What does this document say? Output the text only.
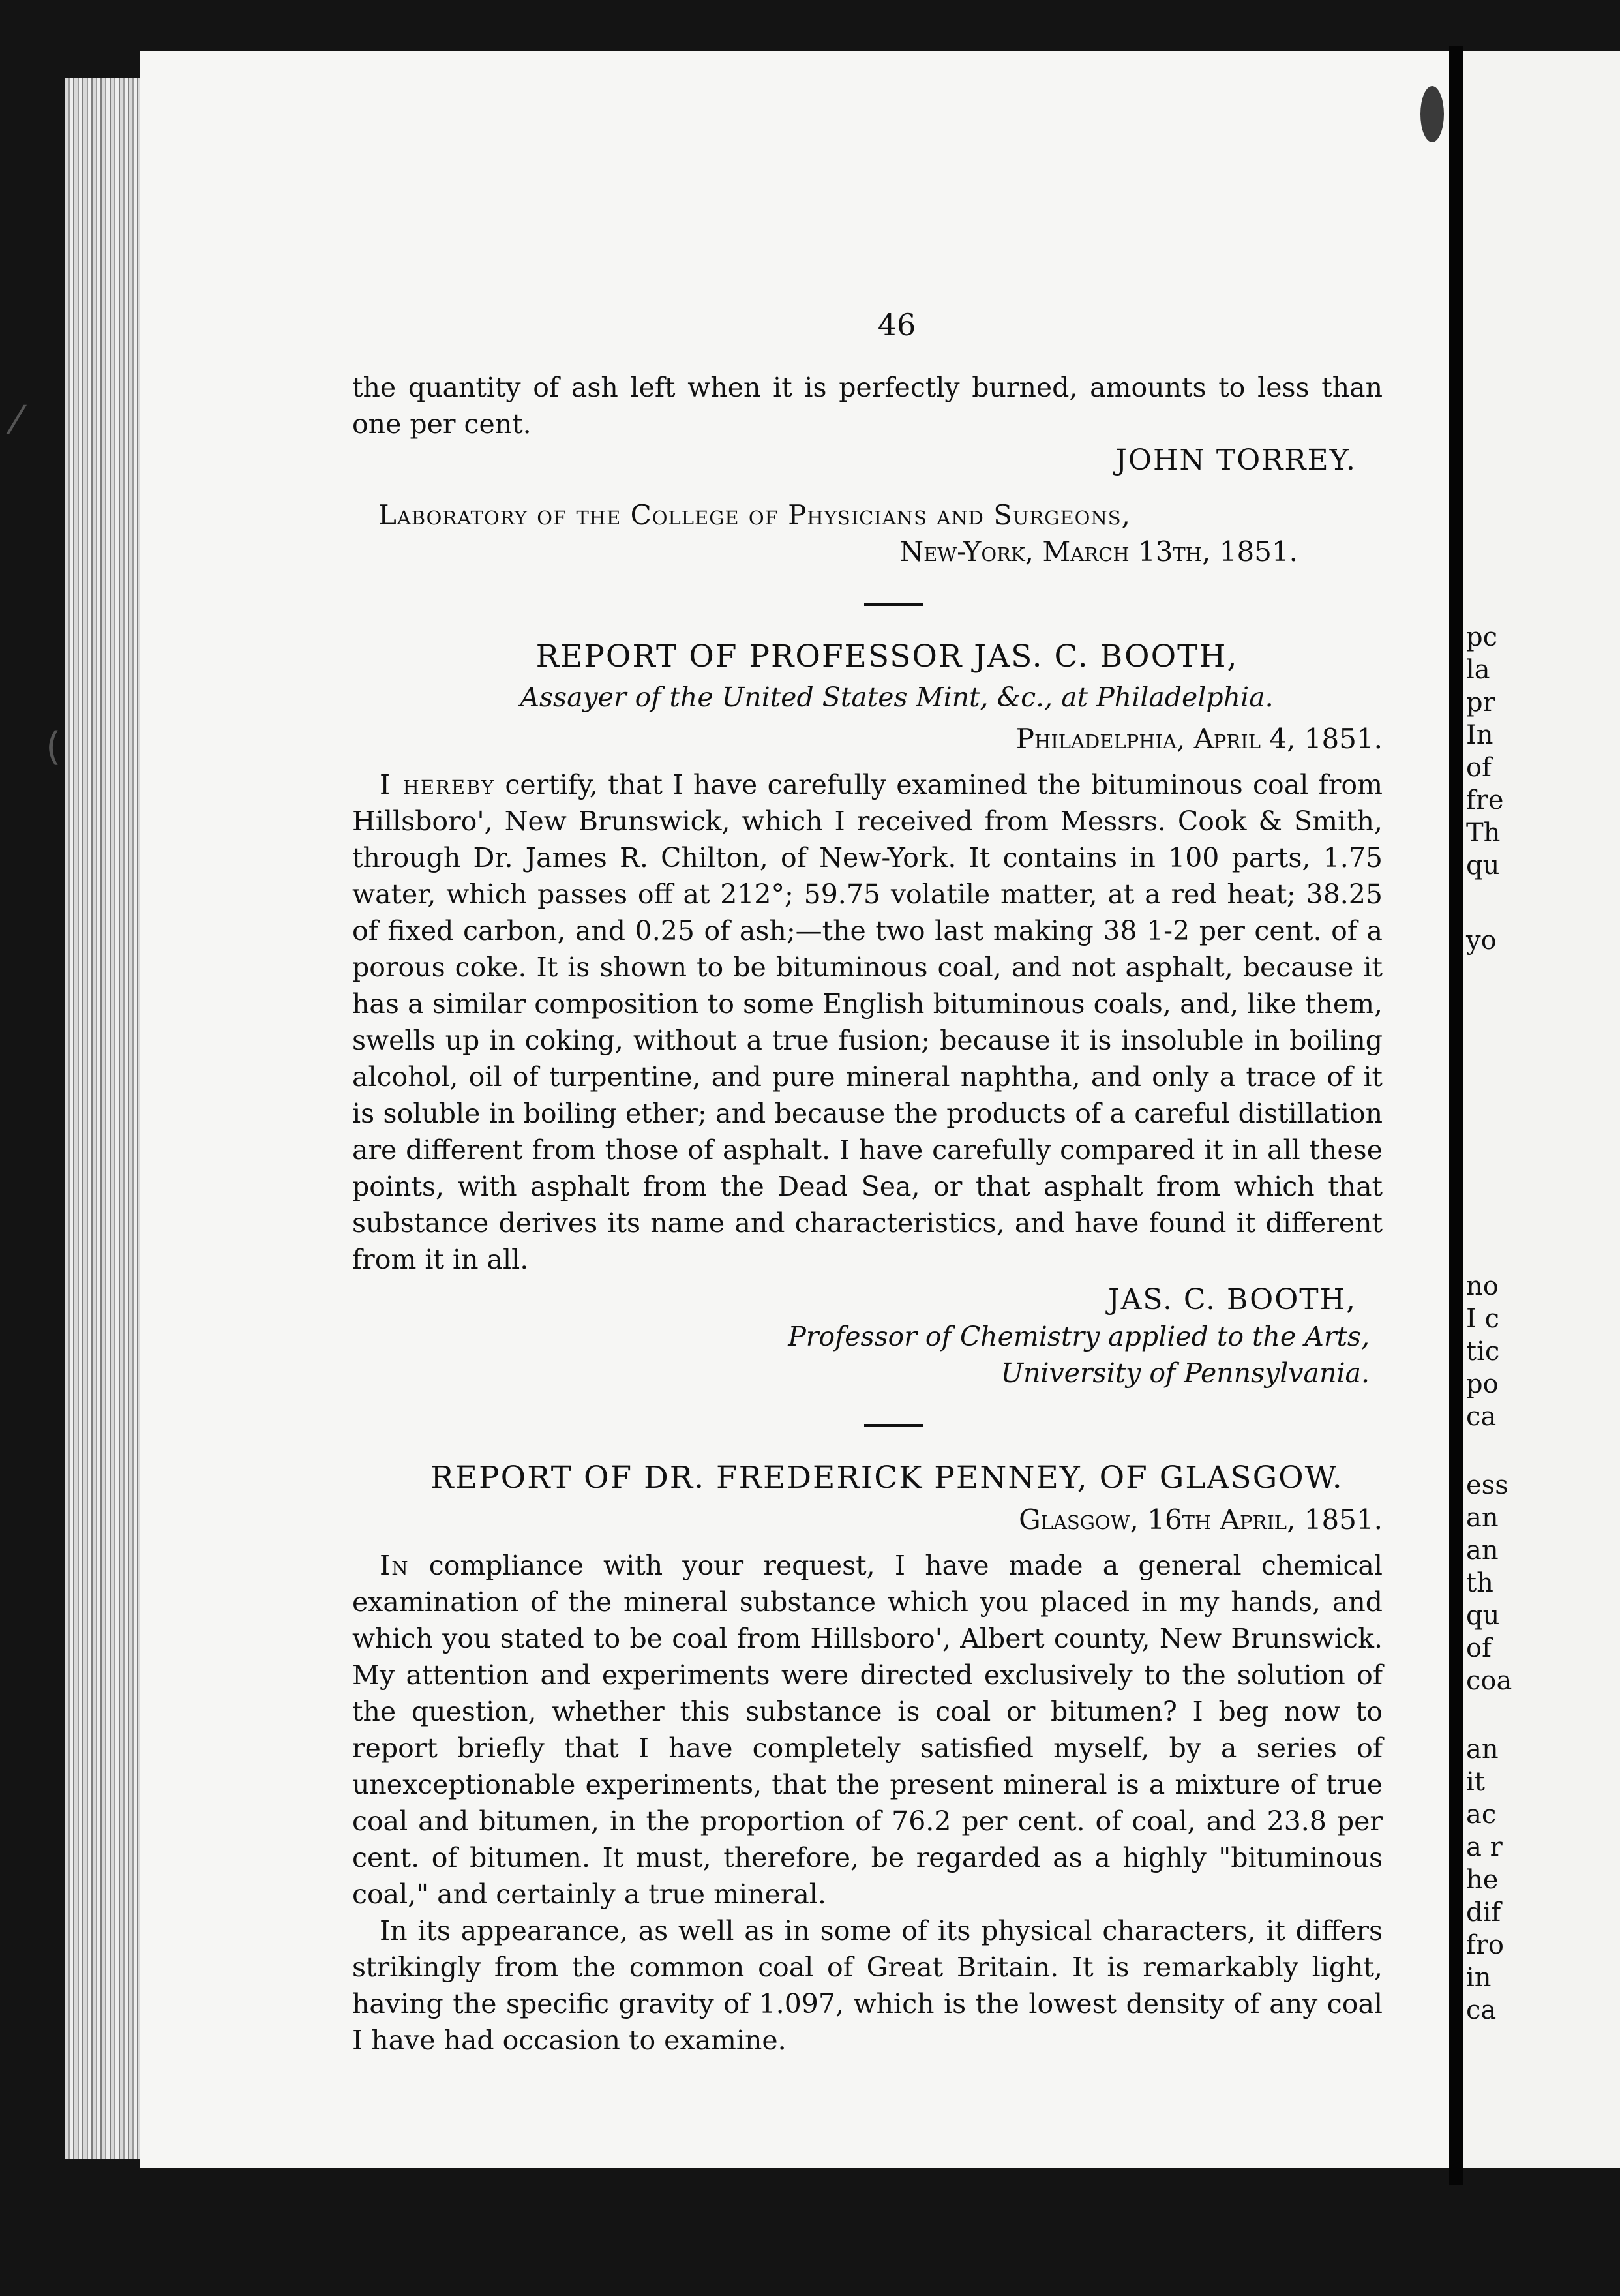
⁄
(
pc
la
pr
In
of
fre
Th
qu
yo
no
I c
tic
po
ca
ess
an
an
th
qu
of
coa
an
it
ac
a r
he
dif
fro
in
ca
46

the quantity of ash left when it is perfectly burned, amounts to less than one per cent.

JOHN TORREY.
Laboratory of the College of Physicians and Surgeons,
New-York, March 13th, 1851.
REPORT OF PROFESSOR JAS. C. BOOTH,
Assayer of the United States Mint, &c., at Philadelphia.
Philadelphia, April 4, 1851.

I hereby certify, that I have carefully examined the bituminous coal from Hillsboro', New Brunswick, which I received from Messrs. Cook & Smith, through Dr. James R. Chilton, of New-York. It contains in 100 parts, 1.75 water, which passes off at 212°; 59.75 volatile matter, at a red heat; 38.25 of fixed carbon, and 0.25 of ash;—the two last making 38 1-2 per cent. of a porous coke. It is shown to be bituminous coal, and not asphalt, because it has a similar composition to some English bituminous coals, and, like them, swells up in coking, without a true fusion; because it is insoluble in boiling alcohol, oil of turpentine, and pure mineral naphtha, and only a trace of it is soluble in boiling ether; and because the products of a careful distillation are different from those of asphalt. I have carefully compared it in all these points, with asphalt from the Dead Sea, or that asphalt from which that substance derives its name and characteristics, and have found it different from it in all.

JAS. C. BOOTH,
Professor of Chemistry applied to the Arts,
University of Pennsylvania.
REPORT OF DR. FREDERICK PENNEY, OF GLASGOW.
Glasgow, 16th April, 1851.

In compliance with your request, I have made a general chemical examination of the mineral substance which you placed in my hands, and which you stated to be coal from Hillsboro', Albert county, New Brunswick. My attention and experiments were directed exclusively to the solution of the question, whether this substance is coal or bitumen? I beg now to report briefly that I have completely satisfied myself, by a series of unexceptionable experiments, that the present mineral is a mixture of true coal and bitumen, in the proportion of 76.2 per cent. of coal, and 23.8 per cent. of bitumen. It must, therefore, be regarded as a highly "bituminous coal," and certainly a true mineral.

In its appearance, as well as in some of its physical characters, it differs strikingly from the common coal of Great Britain. It is remarkably light, having the specific gravity of 1.097, which is the lowest density of any coal I have had occasion to examine.
